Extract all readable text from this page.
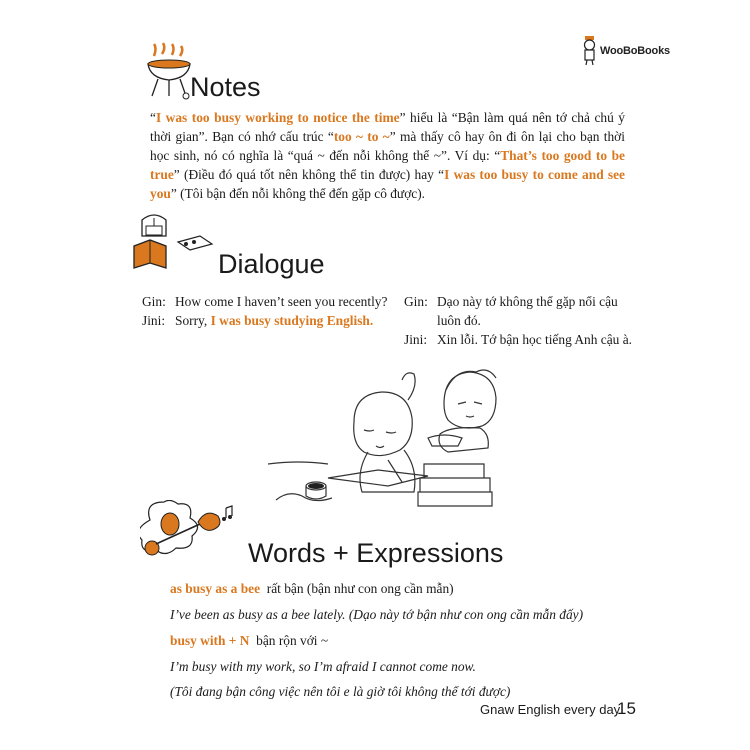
WooBoBooks
Notes
“I was too busy working to notice the time” hiểu là “Bận làm quá nên tớ chả chú ý thời gian”. Bạn có nhớ cấu trúc “too ~ to ~” mà thấy cô hay ôn đi ôn lại cho bạn thời học sinh, nó có nghĩa là “quá ~ đến nỗi không thể ~”. Ví dụ: “That’s too good to be true” (Điều đó quá tốt nên không thể tin được) hay “I was too busy to come and see you” (Tôi bận đến nỗi không thể đến gặp cô được).
Dialogue
Gin: How come I haven’t seen you recently?
Jini: Sorry, I was busy studying English.
Gin: Dạo này tớ không thể gặp nổi cậu luôn đó.
Jini: Xin lỗi. Tớ bận học tiếng Anh cậu à.
Words + Expressions
as busy as a bee rất bận (bận như con ong cần mẫn)
I’ve been as busy as a bee lately. (Dạo này tớ bận như con ong cần mẫn đấy)
busy with + N bận rộn với ~
I’m busy with my work, so I’m afraid I cannot come now.
(Tôi đang bận công việc nên tôi e là giờ tôi không thể tới được)
Gnaw English every day
15
